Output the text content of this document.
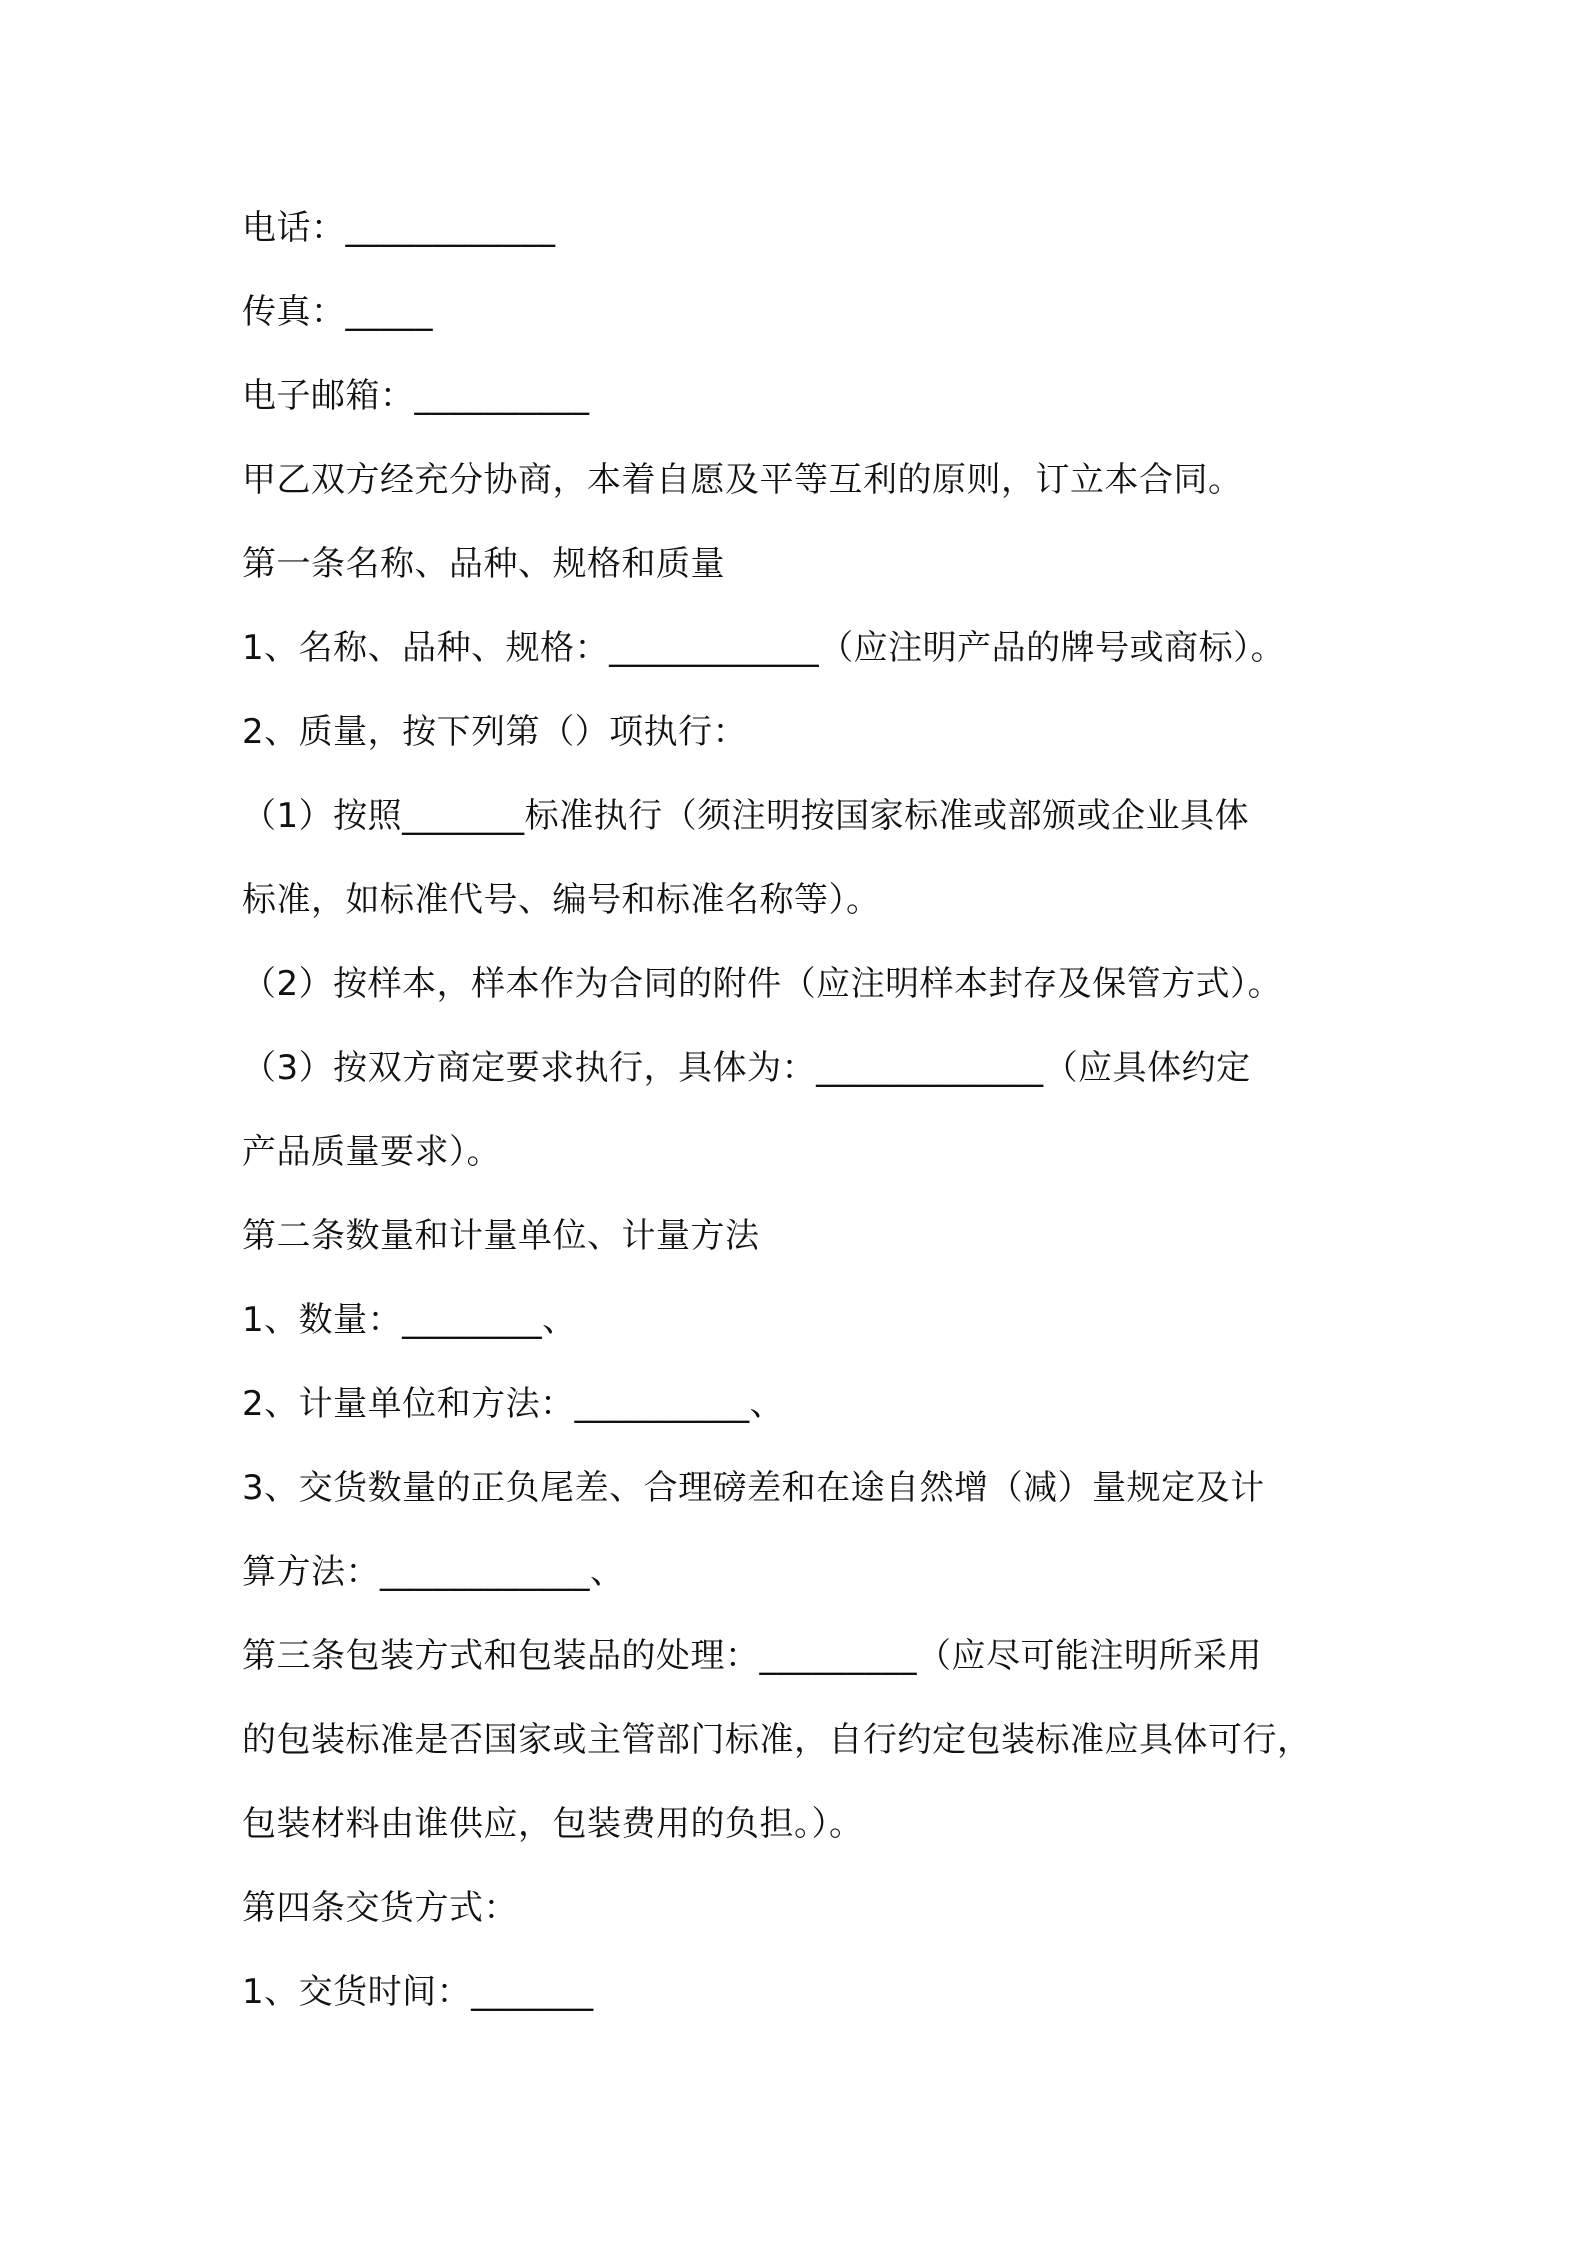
电话：____________
传真：_____
电子邮箱：__________
甲乙双方经充分协商，本着自愿及平等互利的原则，订立本合同。
第一条名称、品种、规格和质量
1、名称、品种、规格：____________（应注明产品的牌号或商标）。
2、质量，按下列第（）项执行：
（1）按照_______标准执行（须注明按国家标准或部颁或企业具体
标准，如标准代号、编号和标准名称等）。
（2）按样本，样本作为合同的附件（应注明样本封存及保管方式）。
（3）按双方商定要求执行，具体为：_____________（应具体约定
产品质量要求）。
第二条数量和计量单位、计量方法
1、数量：________、
2、计量单位和方法：__________、
3、交货数量的正负尾差、合理磅差和在途自然增（减）量规定及计
算方法：____________、
第三条包装方式和包装品的处理：_________（应尽可能注明所采用
的包装标准是否国家或主管部门标准，自行约定包装标准应具体可行，
包装材料由谁供应，包装费用的负担。）。
第四条交货方式：
1、交货时间：_______
